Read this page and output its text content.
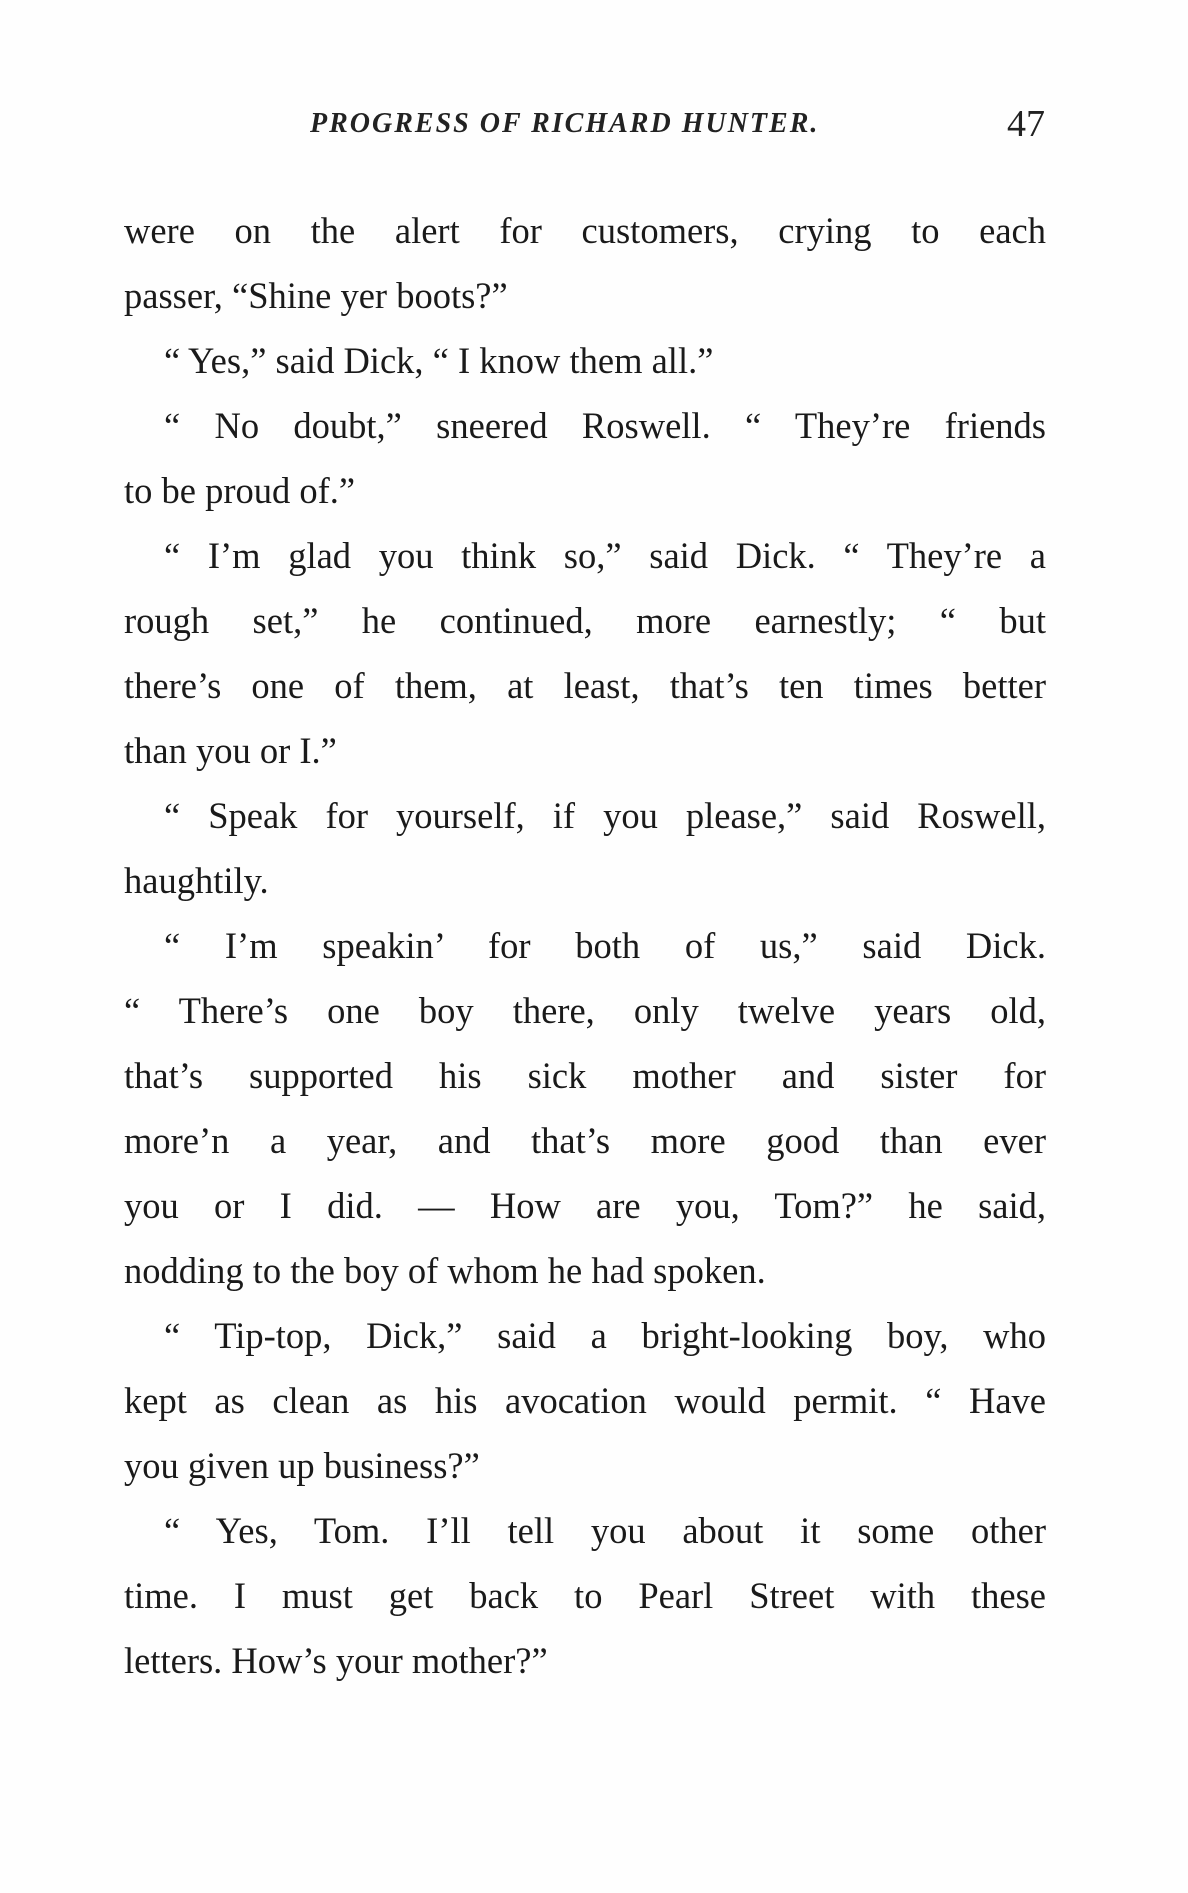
PROGRESS OF RICHARD HUNTER.	47
were on the alert for customers, crying to each
passer, “Shine yer boots?”
“ Yes,” said Dick, “ I know them all.”
“ No doubt,” sneered Roswell. “ They’re friends
to be proud of.”
“ I’m glad you think so,” said Dick. “ They’re a
rough set,” he continued, more earnestly; “ but
there’s one of them, at least, that’s ten times better
than you or I.”
“ Speak for yourself, if you please,” said Roswell,
haughtily.
“ I’m speakin’ for both of us,” said Dick.
“ There’s one boy there, only twelve years old,
that’s supported his sick mother and sister for
more’n a year, and that’s more good than ever
you or I did. — How are you, Tom?” he said,
nodding to the boy of whom he had spoken.
“ Tip-top, Dick,” said a bright-looking boy, who
kept as clean as his avocation would permit. “ Have
you given up business?”
“ Yes, Tom. I’ll tell you about it some other
time. I must get back to Pearl Street with these
letters. How’s your mother?”
